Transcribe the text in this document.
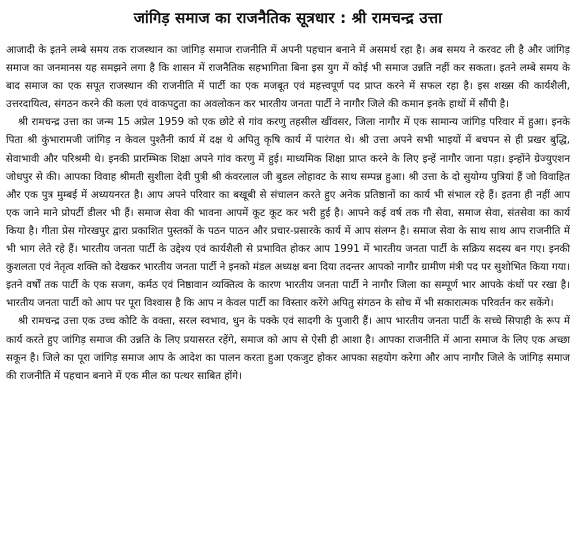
जांगिड़ समाज का राजनैतिक सूत्रधार : श्री रामचन्द्र उत्ता

आजादी के इतने लम्बे समय तक राजस्थान का जांगिड़ समाज राजनीति में अपनी पहचान बनाने में असमर्थ रहा है। अब समय ने करवट ली है और जांगिड़ समाज का जनमानस यह समझने लगा है कि शासन में राजनैतिक सहभागिता बिना इस युग में कोई भी समाज उन्नति नहीं कर सकता। इतने लम्बे समय के बाद समाज का एक सपूत राजस्थान की राजनीति में पार्टी का एक मजबूत एवं महत्त्वपूर्ण पद प्राप्त करने में सफल रहा है। इस शख्स की कार्यशैली, उत्तरदायित्व, संगठन करने की कला एवं वाकपटुता का अवलोकन कर भारतीय जनता पार्टी ने नागौर जिले की कमान इनके हाथों में सौंपी है।

श्री रामचन्द्र उत्ता का जन्म 15 अप्रेल 1959 को एक छोटे से गांव करणु तहसील खींवसर, जिला नागौर में एक सामान्य जांगिड़ परिवार में हुआ। इनके पिता श्री कुंभारामजी जांगिड़ न केवल पुश्तैनी कार्य में दक्ष थे अपितु कृषि कार्य में पारंगत थे। श्री उत्ता अपने सभी भाइयों में बचपन से ही प्रखर बुद्धि, सेवाभावी और परिश्रमी थे। इनकी प्रारम्भिक शिक्षा अपने गांव करणु में हुई। माध्यमिक शिक्षा प्राप्त करने के लिए इन्हें नागौर जाना पड़ा। इन्होंने ग्रेज्युएशन जोधपुर से की। आपका विवाह श्रीमती सुशीला देवी पुत्री श्री कंवरलाल जी बुडल लोहावट के साथ सम्पन्न हुआ। श्री उत्ता के दो सुयोग्य पुत्रियां हैं जो विवाहित और एक पुत्र मुम्बई में अध्ययनरत है। आप अपने परिवार का बखूबी से संचालन करते हुए अनेक प्रतिष्ठानों का कार्य भी संभाल रहे हैं। इतना ही नहीं आप एक जाने माने प्रोपर्टी डीलर भी हैं। समाज सेवा की भावना आपमें कूट कूट कर भरी हुई है। आपने कई वर्ष तक गौ सेवा, समाज सेवा, संतसेवा का कार्य किया है। गीता प्रेस गोरखपुर द्वारा प्रकाशित पुस्तकों के पठन पाठन और प्रचार-प्रसारके कार्य में आप संलग्न है। समाज सेवा के साथ साथ आप राजनीति में भी भाग लेते रहे हैं। भारतीय जनता पार्टी के उद्देश्य एवं कार्यशैली से प्रभावित होकर आप 1991 में भारतीय जनता पार्टी के सक्रिय सदस्य बन गए। इनकी कुशलता एवं नेतृत्व शक्ति को देखकर भारतीय जनता पार्टी ने इनको मंडल अध्यक्ष बना दिया तदन्तर आपको नागौर ग्रामीण मंत्री पद पर सुशोभित किया गया। इतने वर्षों तक पार्टी के एक सजग, कर्मठ एवं निष्ठावान व्यक्तित्व के कारण भारतीय जनता पार्टी ने नागौर जिला का सम्पूर्ण भार आपके कंधों पर रखा है। भारतीय जनता पार्टी को आप पर पूरा विश्वास है कि आप न केवल पार्टी का विस्तार करेंगे अपितु संगठन के सोच में भी सकारात्मक परिवर्तन कर सकेंगे।

श्री रामचन्द्र उत्ता एक उच्च कोटि के वक्ता, सरल स्वभाव, धुन के पक्के एवं सादगी के पुजारी हैं। आप भारतीय जनता पार्टी के सच्चे सिपाही के रूप में कार्य करते हुए जांगिड़ समाज की उन्नति के लिए प्रयासरत रहेंगे, समाज को आप से ऐसी ही आशा है। आपका राजनीति में आना समाज के लिए एक अच्छा सकून है। जिले का पूरा जांगिड़ समाज आप के आदेश का पालन करता हुआ एकजुट होकर आपका सहयोग करेगा और आप नागौर जिले के जांगिड़ समाज की राजनीति में पहचान बनाने में एक मील का पत्थर साबित होंगे।
